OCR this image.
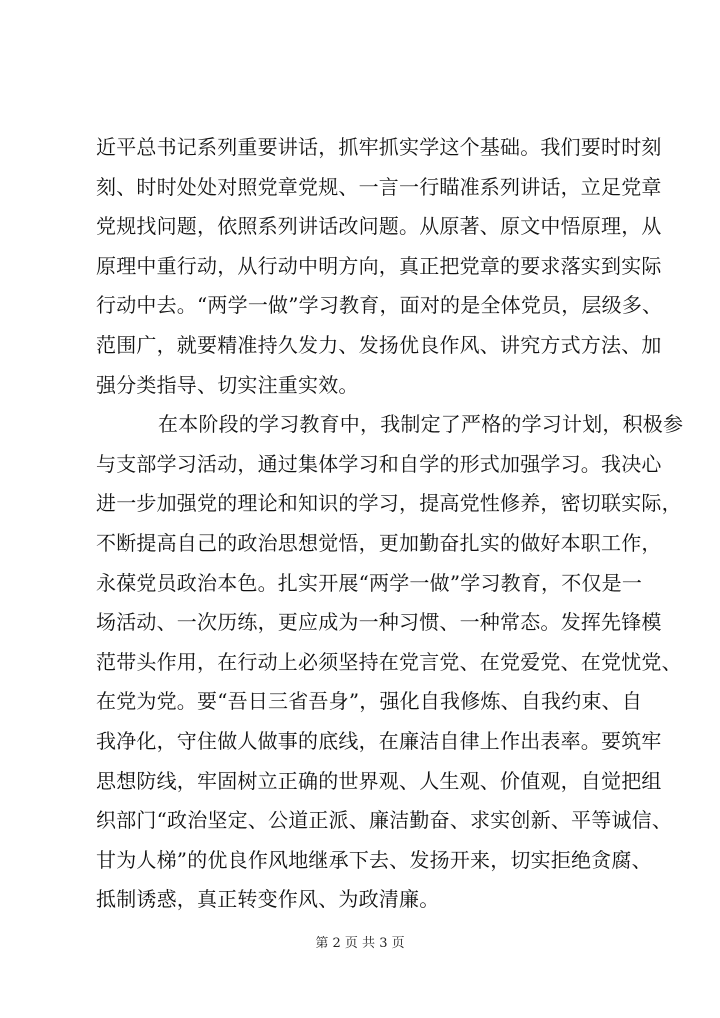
近平总书记系列重要讲话，抓牢抓实学这个基础。我们要时时刻
刻、时时处处对照党章党规、一言一行瞄准系列讲话，立足党章
党规找问题，依照系列讲话改问题。从原著、原文中悟原理，从
原理中重行动，从行动中明方向，真正把党章的要求落实到实际
行动中去。“两学一做”学习教育，面对的是全体党员，层级多、
范围广，就要精准持久发力、发扬优良作风、讲究方式方法、加
强分类指导、切实注重实效。
在本阶段的学习教育中，我制定了严格的学习计划，积极参
与支部学习活动，通过集体学习和自学的形式加强学习。我决心
进一步加强党的理论和知识的学习，提高党性修养，密切联实际，
不断提高自己的政治思想觉悟，更加勤奋扎实的做好本职工作，
永葆党员政治本色。扎实开展“两学一做”学习教育，不仅是一
场活动、一次历练，更应成为一种习惯、一种常态。发挥先锋模
范带头作用，在行动上必须坚持在党言党、在党爱党、在党忧党、
在党为党。要“吾日三省吾身”，强化自我修炼、自我约束、自
我净化，守住做人做事的底线，在廉洁自律上作出表率。要筑牢
思想防线，牢固树立正确的世界观、人生观、价值观，自觉把组
织部门“政治坚定、公道正派、廉洁勤奋、求实创新、平等诚信、
甘为人梯”的优良作风地继承下去、发扬开来，切实拒绝贪腐、
抵制诱惑，真正转变作风、为政清廉。
第 2 页 共 3 页
